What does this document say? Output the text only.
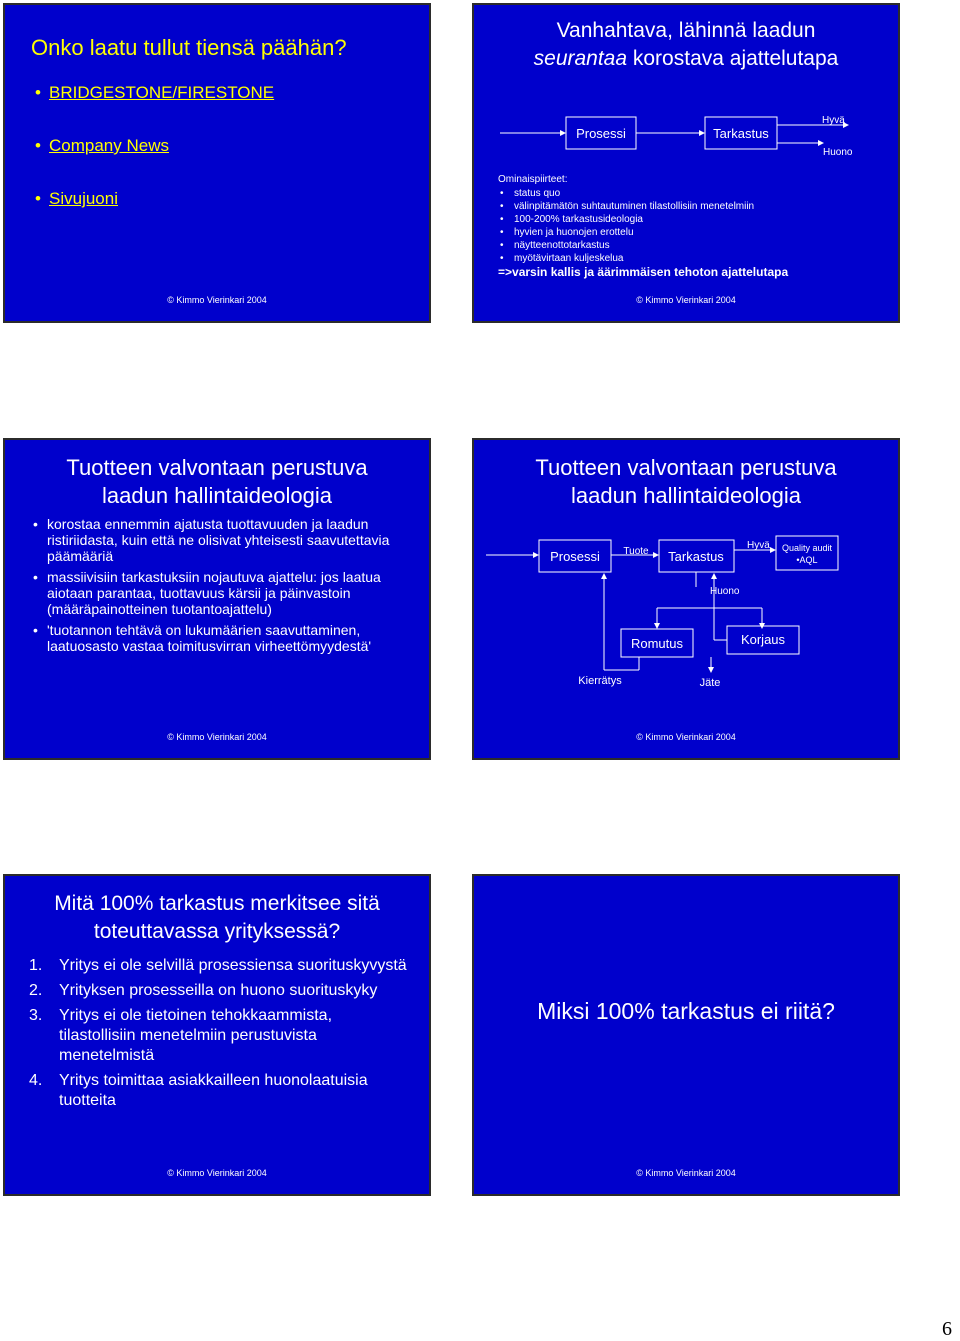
Onko laatu tullut tiensä päähän?
• BRIDGESTONE/FIRESTONE
• Company News
• Sivujuoni
© Kimmo Vierinkari 2004
Vanhahtava, lähinnä laadun
seurantaa korostava ajattelutapa
Prosessi	Tarkastus
Hyvä
Huono
Ominaispiirteet:
• status quo
• välinpitämätön suhtautuminen tilastollisiin menetelmiin
• 100-200% tarkastusideologia
• hyvien ja huonojen erottelu
• näytteenottotarkastus
• myötävirtaan kuljeskelua
=>varsin kallis ja äärimmäisen tehoton ajattelutapa
© Kimmo Vierinkari 2004
Tuotteen valvontaan perustuva
laadun hallintaideologia
• korostaa ennemmin ajatusta tuottavuuden ja laadun ristiriidasta, kuin että ne olisivat yhteisesti saavutettavia päämääriä
• massiivisiin tarkastuksiin nojautuva ajattelu: jos laatua aiotaan parantaa, tuottavuus kärsii ja päinvastoin (määräpainotteinen tuotantoajattelu)
• 'tuotannon tehtävä on lukumäärien saavuttaminen, laatuosasto vastaa toimitusvirran virheettömyydestä'
© Kimmo Vierinkari 2004
Tuotteen valvontaan perustuva
laadun hallintaideologia
Prosessi Tuote Tarkastus
Hyvä Quality audit
•AQL
Huono
Romutus	Korjaus
Kierrätys	Jäte
© Kimmo Vierinkari 2004
Mitä 100% tarkastus merkitsee sitä
toteuttavassa yrityksessä?
1. Yritys ei ole selvillä prosessiensa suorituskyvystä
2. Yrityksen prosesseilla on huono suorituskyky
3. Yritys ei ole tietoinen tehokkaammista, tilastollisiin menetelmiin perustuvista menetelmistä
4. Yritys toimittaa asiakkailleen huonolaatuisia tuotteita
© Kimmo Vierinkari 2004
Miksi 100% tarkastus ei riitä?
© Kimmo Vierinkari 2004
6
